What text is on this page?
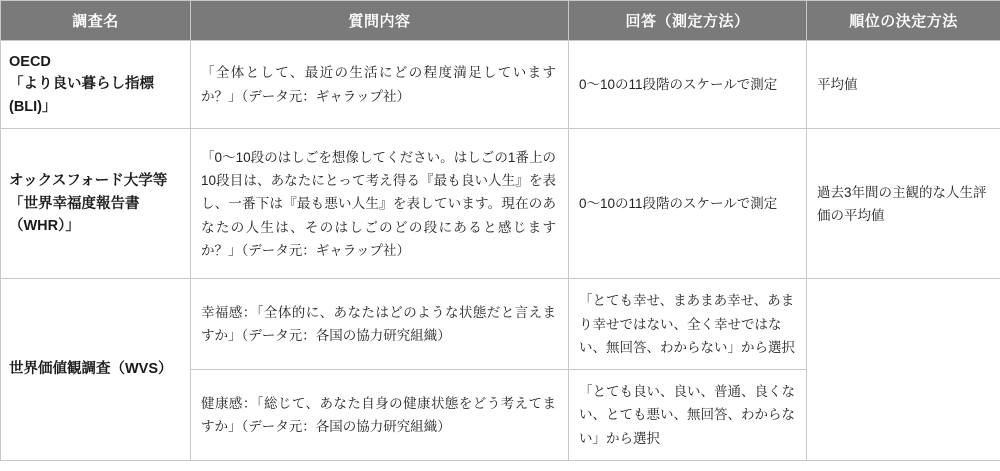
調査名	質問内容	回答（測定方法）	順位の決定方法

OECD
「より良い暮らし指標
(BLI)」	「全体として、最近の生活にどの程度満足していますか？」（データ元：ギャラップ社）	0〜10の11段階のスケールで測定	平均値

オックスフォード大学等
「世界幸福度報告書
（WHR）」	「0〜10段のはしごを想像してください。はしごの1番上の10段目は、あなたにとって考え得る『最も良い人生』を表し、一番下は『最も悪い人生』を表しています。現在のあなたの人生は、そのはしごのどの段にあると感じますか？」（データ元：ギャラップ社）	0〜10の11段階のスケールで測定	過去3年間の主観的な人生評価の平均値

世界価値観調査（WVS）	幸福感：「全体的に、あなたはどのような状態だと言えますか」（データ元：各国の協力研究組織）	「とても幸せ、まあまあ幸せ、あまり幸せではない、全く幸せではない、無回答、わからない」から選択	
	健康感：「総じて、あなた自身の健康状態をどう考えてますか」（データ元：各国の協力研究組織）	「とても良い、良い、普通、良くない、とても悪い、無回答、わからない」から選択	
